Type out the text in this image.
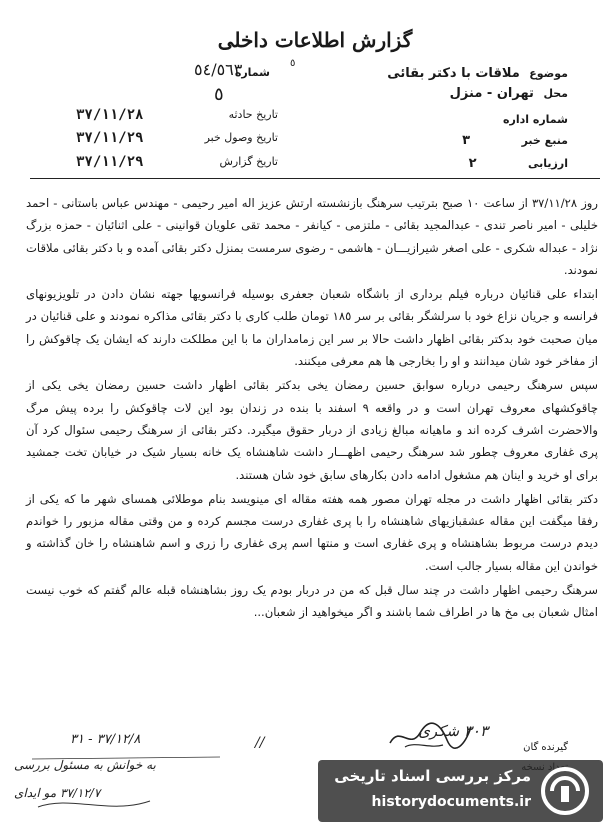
گزارش اطلاعات داخلی
٥
موضوع ملاقات با دکتر بقائی
محل تهران - منزل
شماره اداره
منبع خبر ٣
ارزیابی ٢
شماره
٥٤/٥٦٣
٥
تاریخ حادثه
٣٧/١١/٢٨
تاریخ وصول خبر
٣٧/١١/٢٩
تاریخ گزارش
٣٧/١١/٢٩

روز ٣٧/١١/٢٨ از ساعت ١٠ صبح بترتیب سرهنگ بازنشسته ارتش عزیز اله امیر رحیمی - مهندس عباس باستانی - احمد خلیلی - امیر ناصر تندی - عبدالمجید بقائی - ملتزمی - کیانفر - محمد تقی علویان قوانینی - علی اثنائیان - حمزه بزرگ نژاد - عبداله شکری - علی اصغر شیرازیـــان - هاشمی - رضوی سرمست بمنزل دکتر بقائی آمده و با دکتر بقائی ملاقات نمودند.

ابتداء علی قنائیان درباره فیلم برداری از باشگاه شعبان جعفری بوسیله فرانسویها جهته نشان دادن در تلویزیونهای فرانسه و جریان نزاع خود با سرلشگر بقائی بر سر ١٨٥ تومان طلب کاری با دکتر بقائی مذاکره نمودند و علی قنائیان در میان صحبت خود بدکتر بقائی اظهار داشت حالا بر سر این زمامداران ما با این مطلکت دارند که ایشان یک چاقوکش را از مفاخر خود شان میدانند و او را بخارجی ها هم معرفی میکنند.

سپس سرهنگ رحیمی درباره سوابق حسین رمضان یخی بدکتر بقائی اظهار داشت حسین رمضان یخی یکی از چاقوکشهای معروف تهران است و در واقعه ٩ اسفند با بنده در زندان بود این لات چاقوکش را برده پیش مرگ والاحضرت اشرف کرده اند و ماهیانه مبالغ زیادی از دربار حقوق میگیرد. دکتر بقائی از سرهنگ رحیمی سئوال کرد آن پری غفاری معروف چطور شد سرهنگ رحیمی اظهـــار داشت شاهنشاه یک خانه بسیار شیک در خیابان تخت جمشید برای او خرید و اینان هم مشغول ادامه دادن بکارهای سابق خود شان هستند.

دکتر بقائی اظهار داشت در مجله تهران مصور همه هفته مقاله ای مینویسد بنام موطلائی همسای شهر ما که یکی از رفقا میگفت این مقاله عشقبازیهای شاهنشاه را با پری غفاری درست مجسم کرده و من وقتی مقاله مزبور را خواندم دیدم درست مربوط بشاهنشاه و پری غفاری است و منتها اسم پری غفاری را زری و اسم شاهنشاه را خان گذاشته و خواندن این مقاله بسیار جالب است.

سرهنگ رحیمی اظهار داشت در چند سال قبل که من در دربار بودم یک روز بشاهنشاه قبله عالم گفتم که خوب نیست امثال شعبان بی مخ ها در اطراف شما باشند و اگر میخواهید از شعبان...

گیرنده گان
٣٠٣ شکری
//
٣٧/١٢/٨ - ٣١
به خوانش به مسئول بررسی
٣٧/١٢/٧ مو ایدای
مرکز بررسی اسناد تاریخی
historydocuments.ir
